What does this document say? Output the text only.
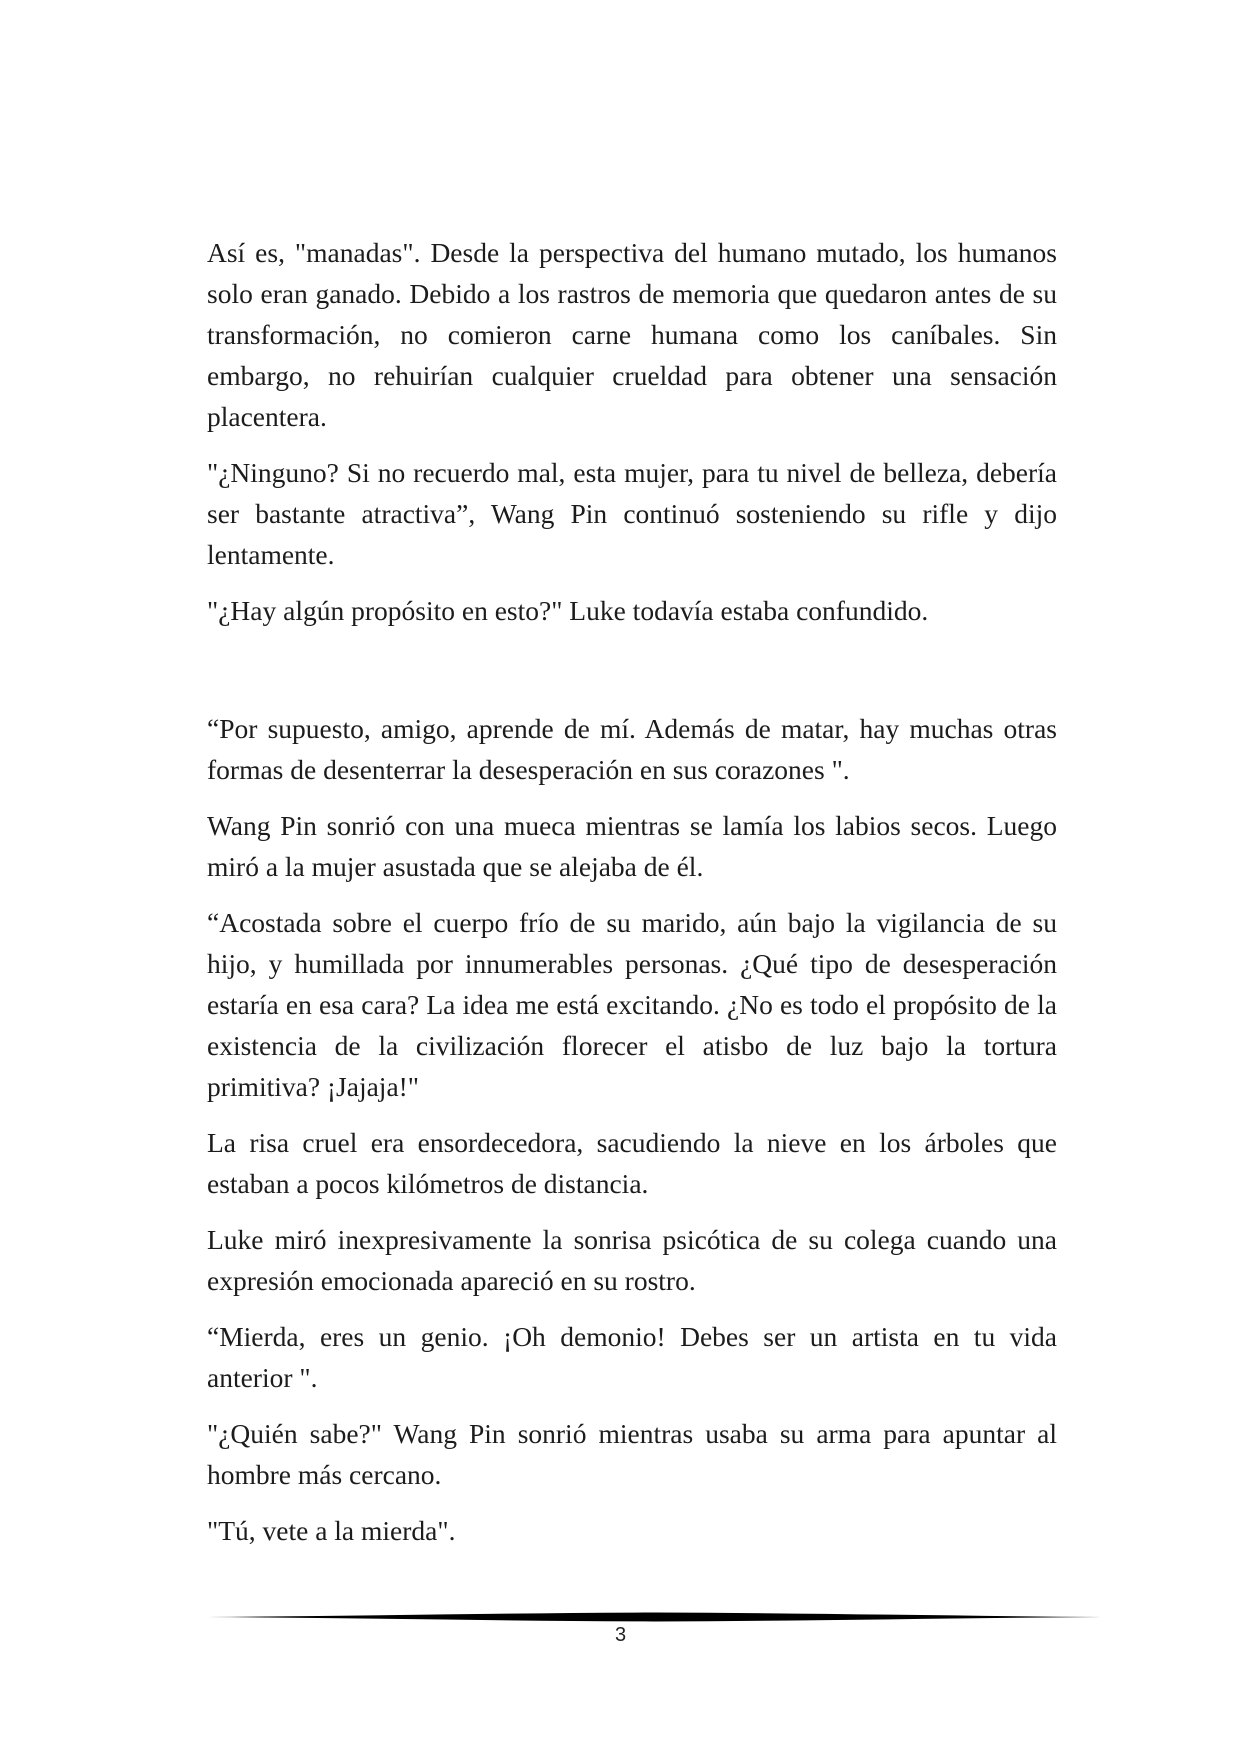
Así es, "manadas". Desde la perspectiva del humano mutado, los humanos solo eran ganado. Debido a los rastros de memoria que quedaron antes de su transformación, no comieron carne humana como los caníbales. Sin embargo, no rehuirían cualquier crueldad para obtener una sensación placentera.

"¿Ninguno? Si no recuerdo mal, esta mujer, para tu nivel de belleza, debería ser bastante atractiva”, Wang Pin continuó sosteniendo su rifle y dijo lentamente.

"¿Hay algún propósito en esto?" Luke todavía estaba confundido.

“Por supuesto, amigo, aprende de mí. Además de matar, hay muchas otras formas de desenterrar la desesperación en sus corazones ".

Wang Pin sonrió con una mueca mientras se lamía los labios secos. Luego miró a la mujer asustada que se alejaba de él.

“Acostada sobre el cuerpo frío de su marido, aún bajo la vigilancia de su hijo, y humillada por innumerables personas. ¿Qué tipo de desesperación estaría en esa cara? La idea me está excitando. ¿No es todo el propósito de la existencia de la civilización florecer el atisbo de luz bajo la tortura primitiva? ¡Jajaja!"

La risa cruel era ensordecedora, sacudiendo la nieve en los árboles que estaban a pocos kilómetros de distancia.

Luke miró inexpresivamente la sonrisa psicótica de su colega cuando una expresión emocionada apareció en su rostro.

“Mierda, eres un genio. ¡Oh demonio! Debes ser un artista en tu vida anterior ".

"¿Quién sabe?" Wang Pin sonrió mientras usaba su arma para apuntar al hombre más cercano.

"Tú, vete a la mierda".

3
